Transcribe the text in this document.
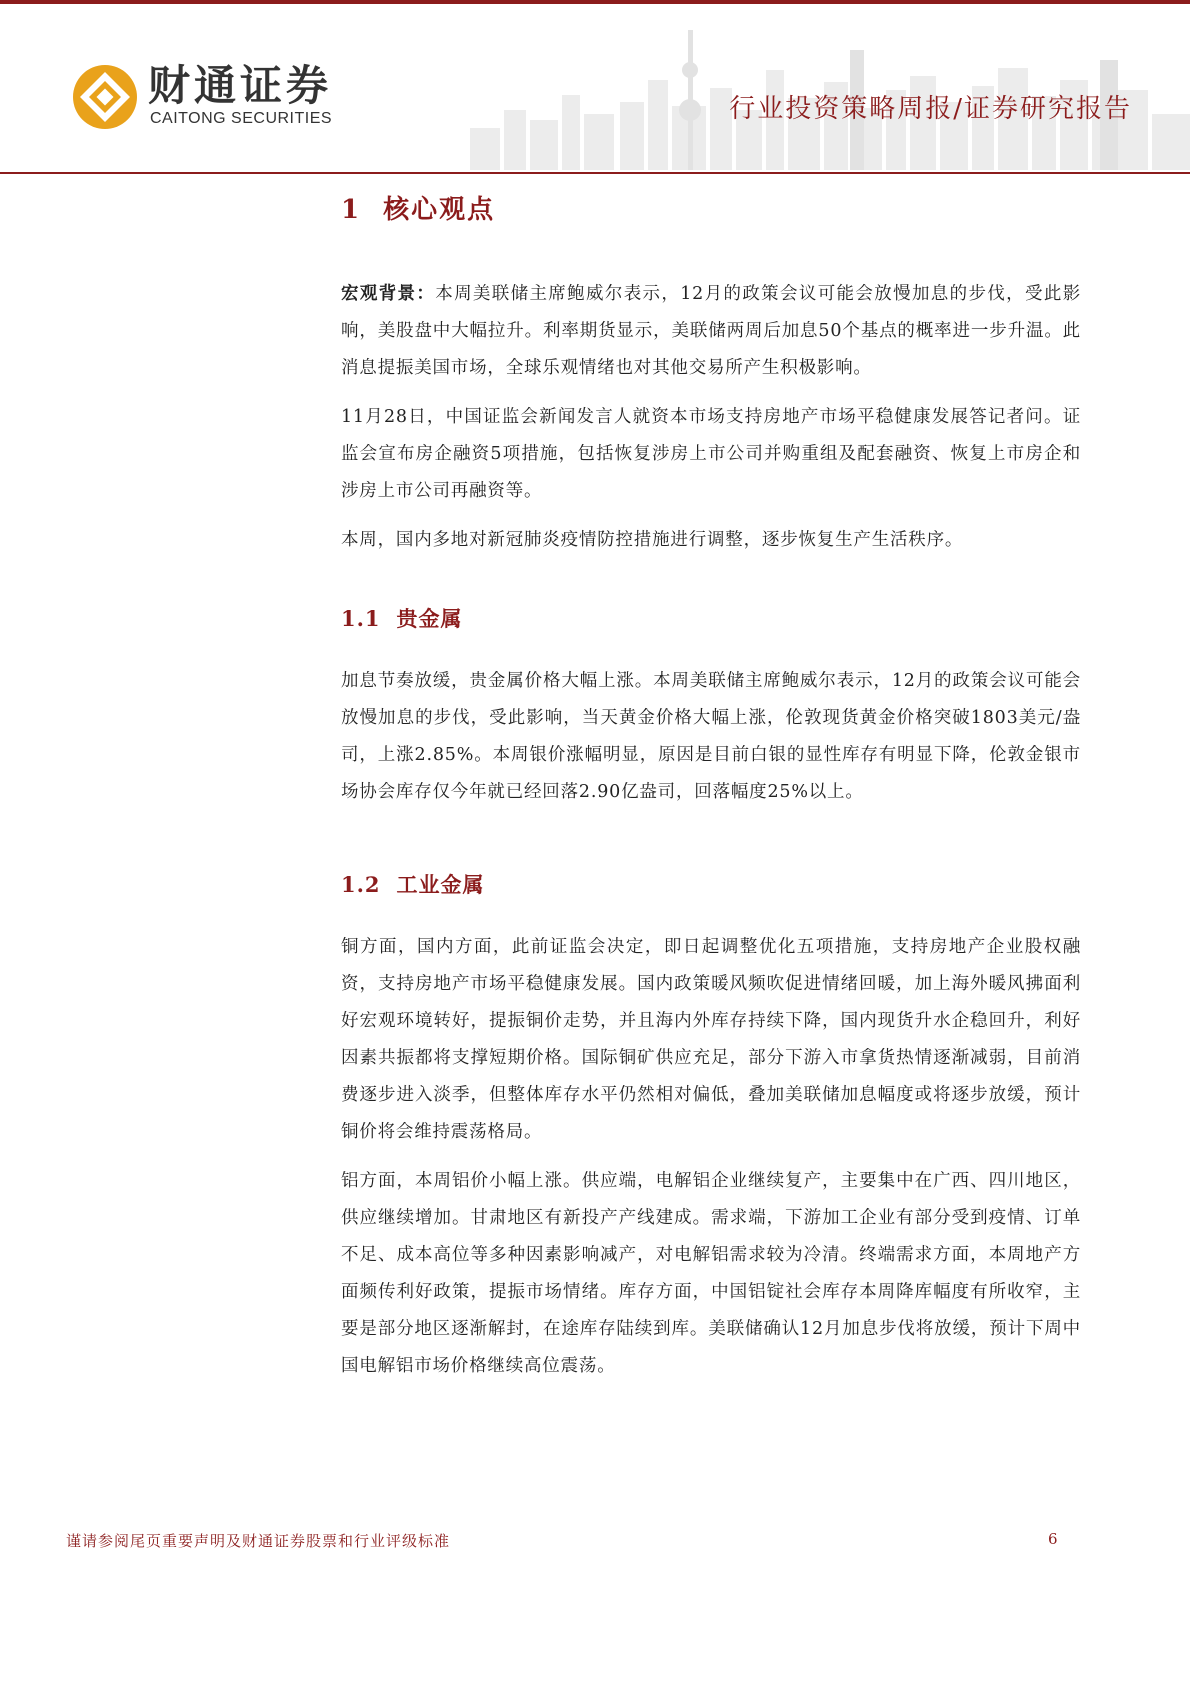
财通证券
CAITONG SECURITIES	行业投资策略周报/证券研究报告
1 核心观点

宏观背景：本周美联储主席鲍威尔表示，12月的政策会议可能会放慢加息的步伐，受此影响，美股盘中大幅拉升。利率期货显示，美联储两周后加息50个基点的概率进一步升温。此消息提振美国市场，全球乐观情绪也对其他交易所产生积极影响。

11月28日，中国证监会新闻发言人就资本市场支持房地产市场平稳健康发展答记者问。证监会宣布房企融资5项措施，包括恢复涉房上市公司并购重组及配套融资、恢复上市房企和涉房上市公司再融资等。

本周，国内多地对新冠肺炎疫情防控措施进行调整，逐步恢复生产生活秩序。

1.1 贵金属

加息节奏放缓，贵金属价格大幅上涨。本周美联储主席鲍威尔表示，12月的政策会议可能会放慢加息的步伐，受此影响，当天黄金价格大幅上涨，伦敦现货黄金价格突破1803美元/盎司，上涨2.85%。本周银价涨幅明显，原因是目前白银的显性库存有明显下降，伦敦金银市场协会库存仅今年就已经回落2.90亿盎司，回落幅度25%以上。

1.2 工业金属

铜方面，国内方面，此前证监会决定，即日起调整优化五项措施，支持房地产企业股权融资，支持房地产市场平稳健康发展。国内政策暖风频吹促进情绪回暖，加上海外暖风拂面利好宏观环境转好，提振铜价走势，并且海内外库存持续下降，国内现货升水企稳回升，利好因素共振都将支撑短期价格。国际铜矿供应充足，部分下游入市拿货热情逐渐减弱，目前消费逐步进入淡季，但整体库存水平仍然相对偏低，叠加美联储加息幅度或将逐步放缓，预计铜价将会维持震荡格局。

铝方面，本周铝价小幅上涨。供应端，电解铝企业继续复产，主要集中在广西、四川地区，供应继续增加。甘肃地区有新投产产线建成。需求端，下游加工企业有部分受到疫情、订单不足、成本高位等多种因素影响减产，对电解铝需求较为冷清。终端需求方面，本周地产方面频传利好政策，提振市场情绪。库存方面，中国铝锭社会库存本周降库幅度有所收窄，主要是部分地区逐渐解封，在途库存陆续到库。美联储确认12月加息步伐将放缓，预计下周中国电解铝市场价格继续高位震荡。

谨请参阅尾页重要声明及财通证券股票和行业评级标准	6
